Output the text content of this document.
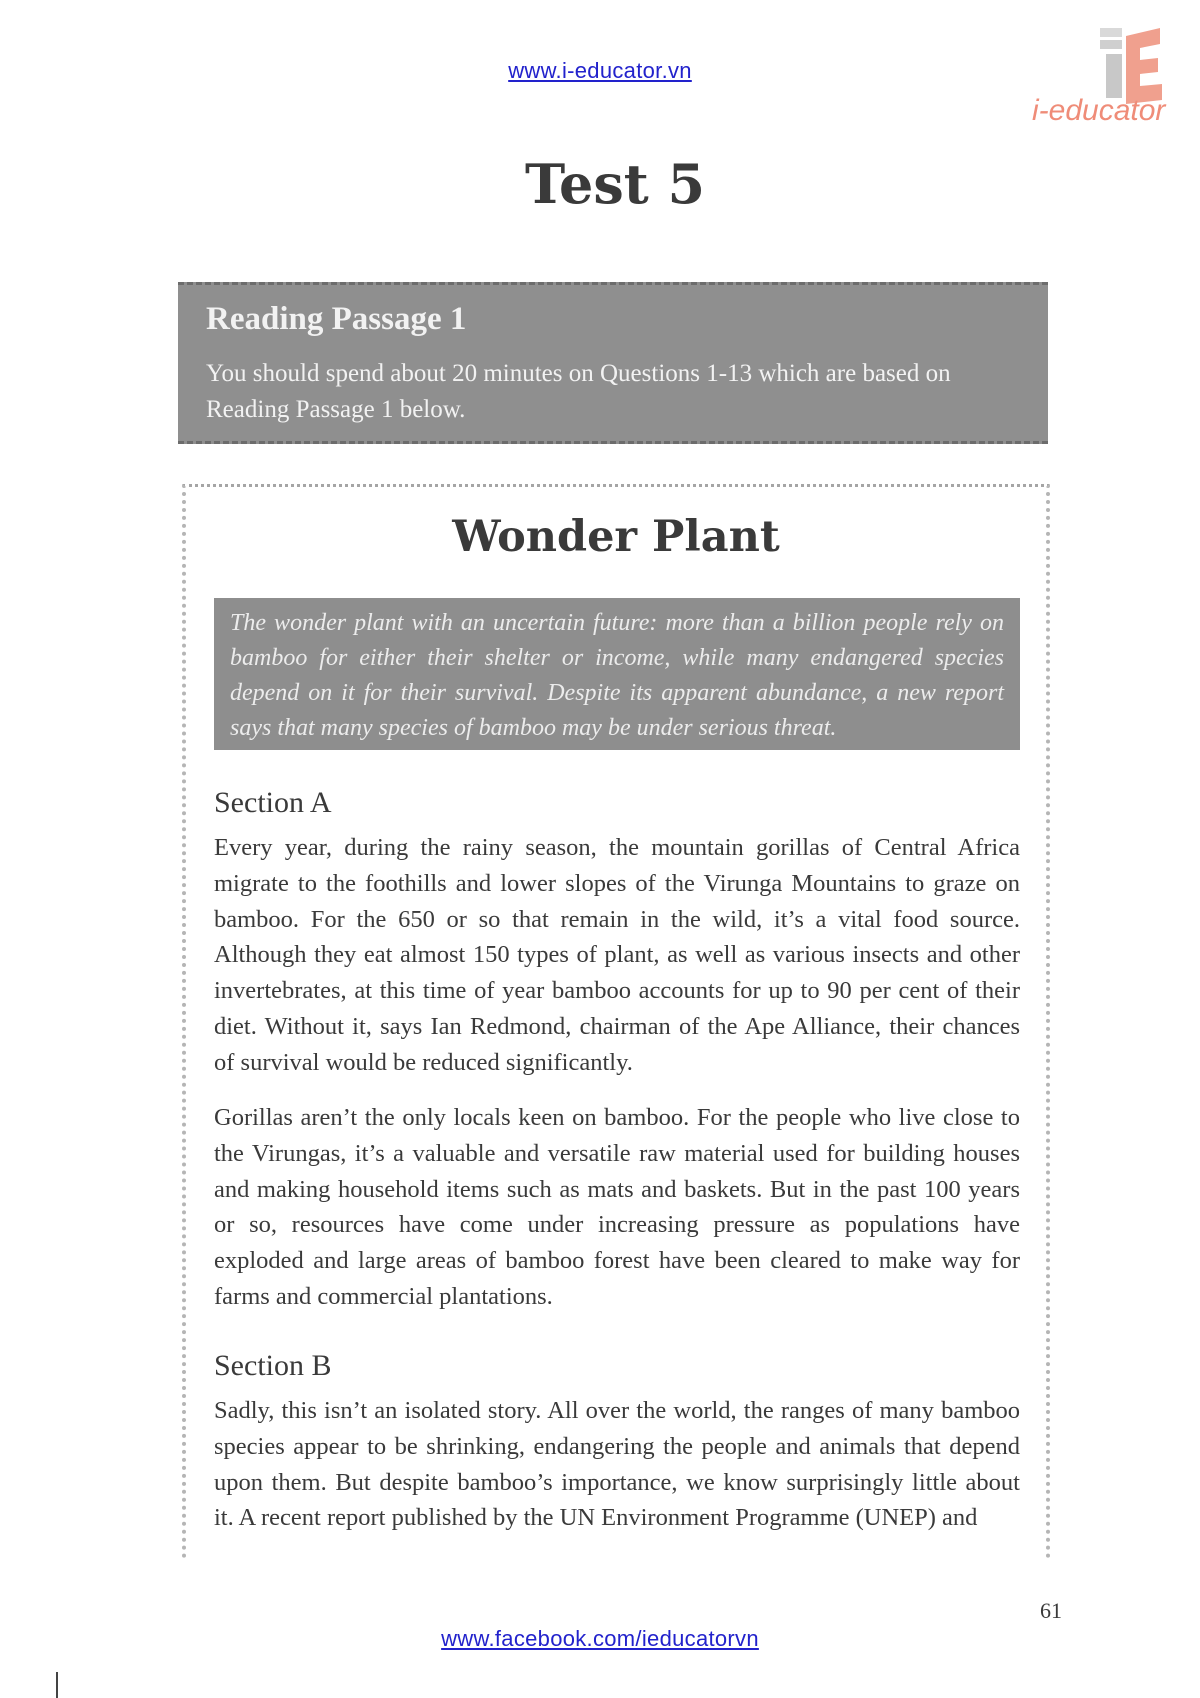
www.i-educator.vn
i-educator
Test 5
Reading Passage 1
You should spend about 20 minutes on Questions 1-13 which are based on Reading Passage 1 below.
Wonder Plant
The wonder plant with an uncertain future: more than a billion people rely on bamboo for either their shelter or income, while many endangered species depend on it for their survival. Despite its apparent abundance, a new report says that many species of bamboo may be under serious threat.
Section A

Every year, during the rainy season, the mountain gorillas of Central Africa migrate to the foothills and lower slopes of the Virunga Mountains to graze on bamboo. For the 650 or so that remain in the wild, it’s a vital food source. Although they eat almost 150 types of plant, as well as various insects and other invertebrates, at this time of year bamboo accounts for up to 90 per cent of their diet. Without it, says Ian Redmond, chairman of the Ape Alliance, their chances of survival would be reduced significantly.

Gorillas aren’t the only locals keen on bamboo. For the people who live close to the Virungas, it’s a valuable and versatile raw material used for building houses and making household items such as mats and baskets. But in the past 100 years or so, resources have come under increasing pressure as populations have exploded and large areas of bamboo forest have been cleared to make way for farms and commercial plantations.

Section B

Sadly, this isn’t an isolated story. All over the world, the ranges of many bamboo species appear to be shrinking, endangering the people and animals that depend upon them. But despite bamboo’s importance, we know surprisingly little about it. A recent report published by the UN Environment Programme (UNEP) and

61
www.facebook.com/ieducatorvn
